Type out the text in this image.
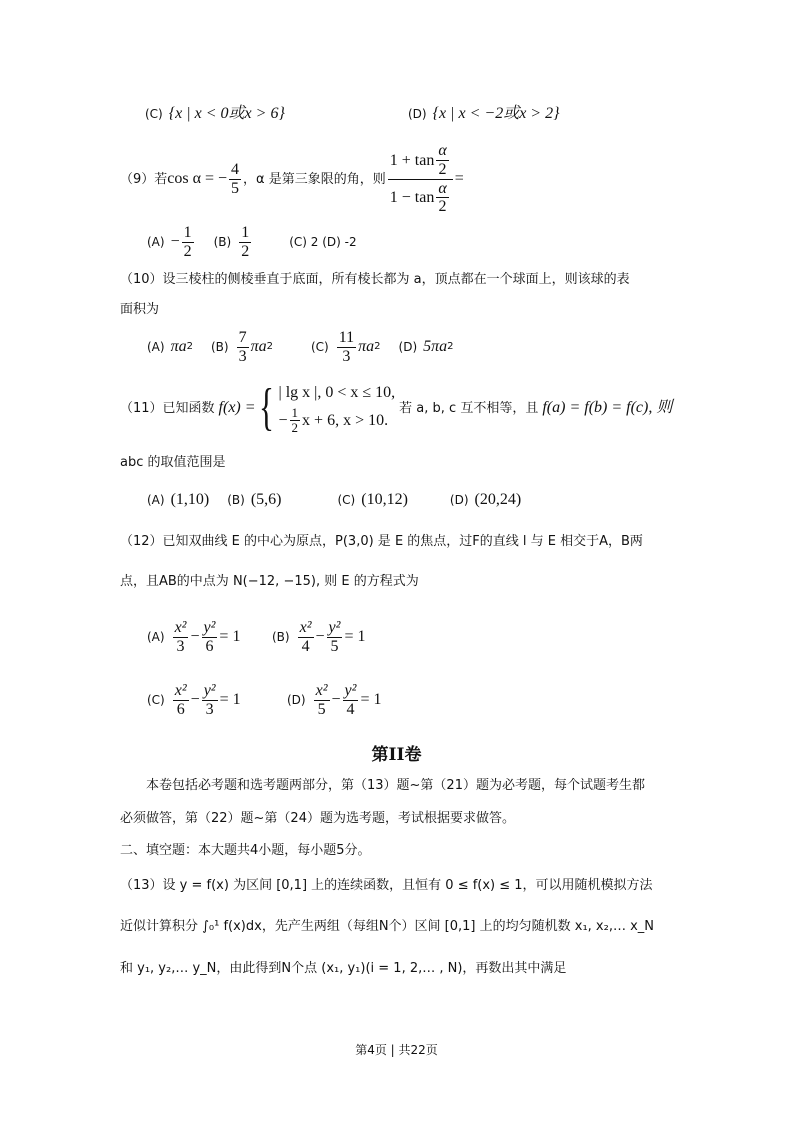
(C) {x | x < 0或x > 6}	(D) {x | x < −2或x > 2}
（9）若 cos α = − $\frac{4}{5}$ ，α 是第三象限的角，则 $\frac{1 + \tan \frac{\alpha}{2}}{1 - \tan \frac{\alpha}{2}}$ =
$(A) - \frac{1}{2} (B) \frac{1}{2}$	(C) 2 (D) -2
（10）设三棱柱的侧棱垂直于底面，所有棱长都为 a，顶点都在一个球面上，则该球的表
面积为
(A) πa 2 $(B) \frac{7}{3}$ πa 2	$(C) \frac{11}{3}$ πa 2 (D) 5πa 2
（11）已知函数 f(x) = { | lg x |, 0 < x ≤ 10,
− $\frac{1}{2}$ x + 6, x > 10.
若 a, b, c 互不相等，且 f(a) = f(b) = f(c), 则
abc 的取值范围是
(A) (1,10) (B) (5,6)	(C) (10,12)	(D) (20,24)
（12）已知双曲线 E 的中心为原点，P(3,0) 是 E 的焦点，过F的直线 l 与 E 相交于A，B两
点，且AB的中点为 N(−12, −15), 则 E 的方程式为
$(A) \frac{\text{x²}}{3} - \frac{\text{y²}}{6} = 1$	$(B) \frac{\text{x²}}{4} - \frac{\text{y²}}{5} = 1$
$(C) \frac{\text{x²}}{6} - \frac{\text{y²}}{3} = 1$	$(D) \frac{\text{x²}}{5} - \frac{\text{y²}}{4} = 1$
第II卷
本卷包括必考题和选考题两部分，第（13）题~第（21）题为必考题，每个试题考生都
必须做答，第（22）题~第（24）题为选考题，考试根据要求做答。
二、填空题：本大题共4小题，每小题5分。
（13）设 y = f(x) 为区间 [0,1] 上的连续函数，且恒有 0 ≤ f(x) ≤ 1，可以用随机模拟方法
近似计算积分 ∫₀¹ f(x)dx，先产生两组（每组N个）区间 [0,1] 上的均匀随机数 x₁, x₂,… x_N
和 y₁, y₂,… y_N，由此得到N个点 (x₁, y₁)(i = 1, 2,… , N)，再数出其中满足
第4页 | 共22页
